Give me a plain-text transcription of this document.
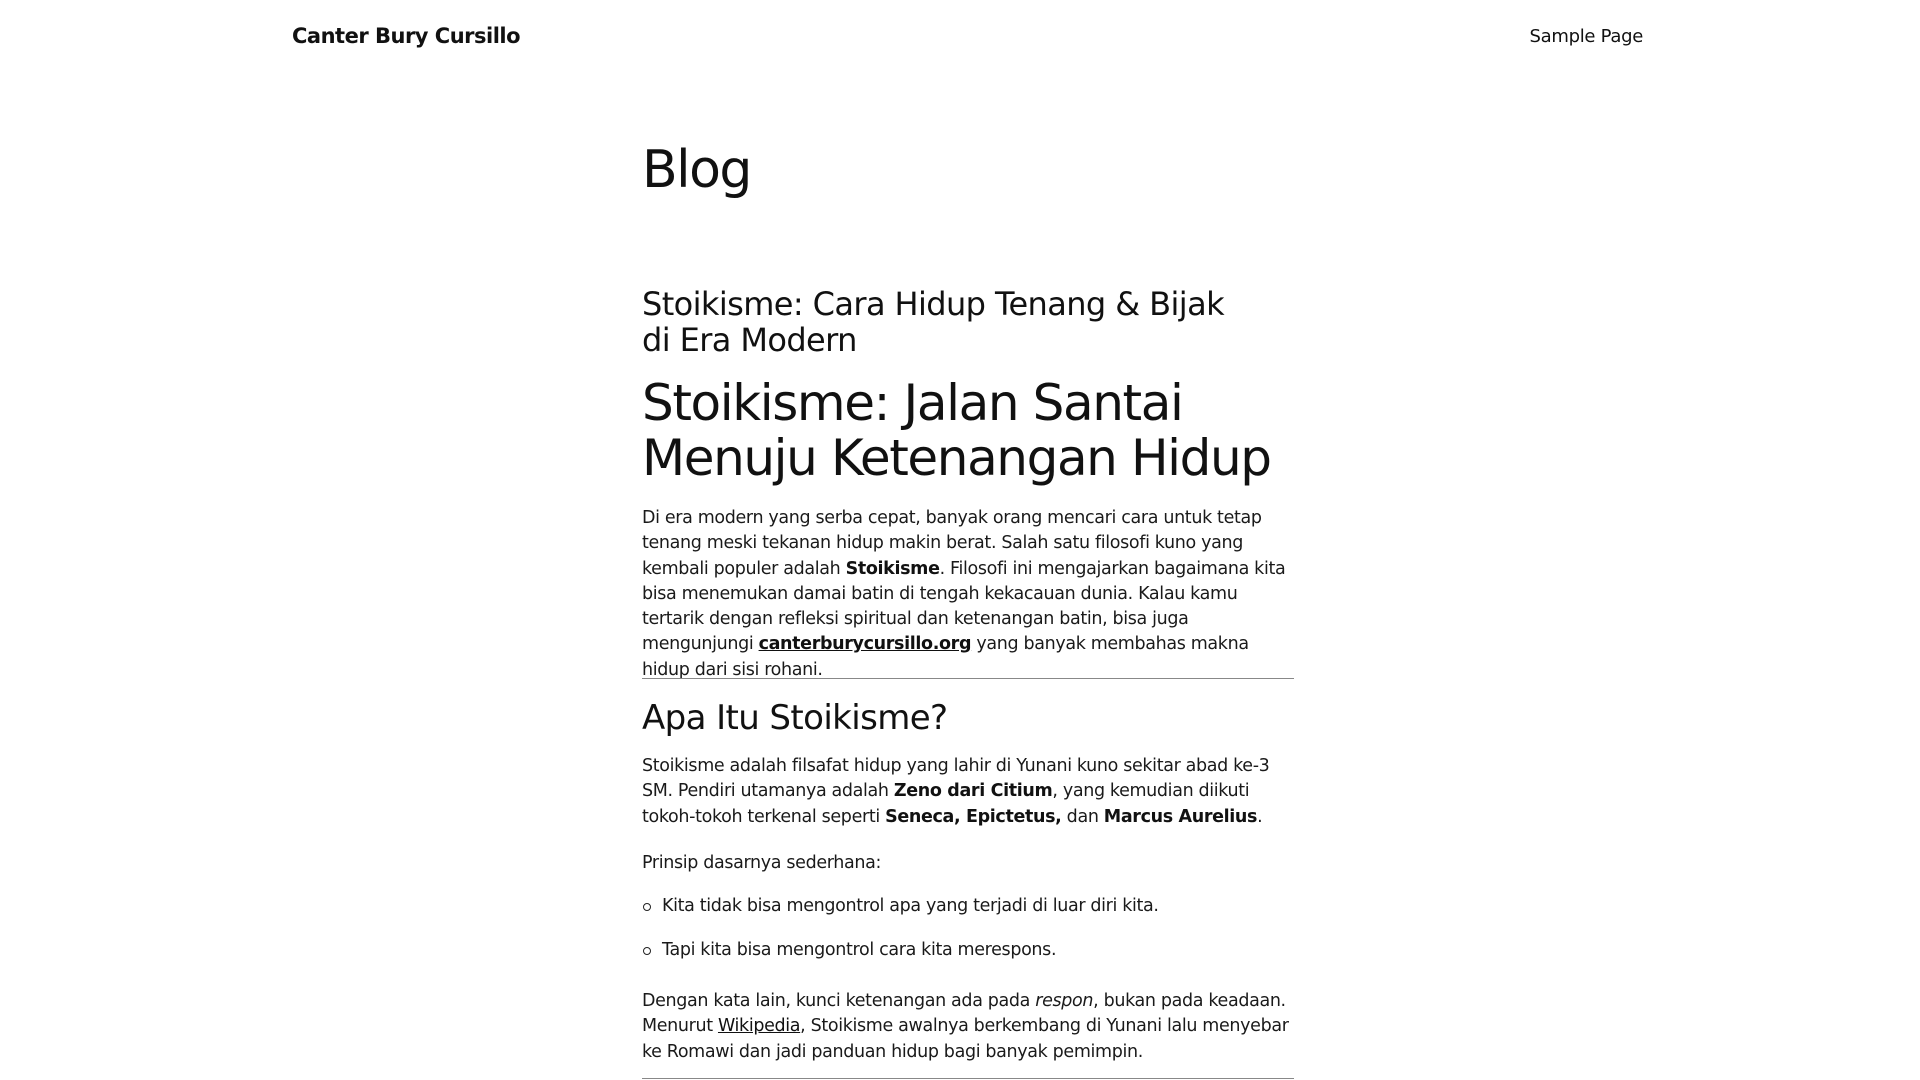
Canter Bury Cursillo	Sample Page
Blog
Stoikisme: Cara Hidup Tenang & Bijak di Era Modern
Stoikisme: Jalan Santai Menuju Ketenangan Hidup

Di era modern yang serba cepat, banyak orang mencari cara untuk tetap tenang meski tekanan hidup makin berat. Salah satu filosofi kuno yang kembali populer adalah Stoikisme. Filosofi ini mengajarkan bagaimana kita bisa menemukan damai batin di tengah kekacauan dunia. Kalau kamu tertarik dengan refleksi spiritual dan ketenangan batin, bisa juga mengunjungi canterburycursillo.org yang banyak membahas makna hidup dari sisi rohani.

Apa Itu Stoikisme?

Stoikisme adalah filsafat hidup yang lahir di Yunani kuno sekitar abad ke-3 SM. Pendiri utamanya adalah Zeno dari Citium, yang kemudian diikuti tokoh-tokoh terkenal seperti Seneca, Epictetus, dan Marcus Aurelius.

Prinsip dasarnya sederhana:

Kita tidak bisa mengontrol apa yang terjadi di luar diri kita.
Tapi kita bisa mengontrol cara kita merespons.

Dengan kata lain, kunci ketenangan ada pada respon, bukan pada keadaan. Menurut Wikipedia, Stoikisme awalnya berkembang di Yunani lalu menyebar ke Romawi dan jadi panduan hidup bagi banyak pemimpin.
